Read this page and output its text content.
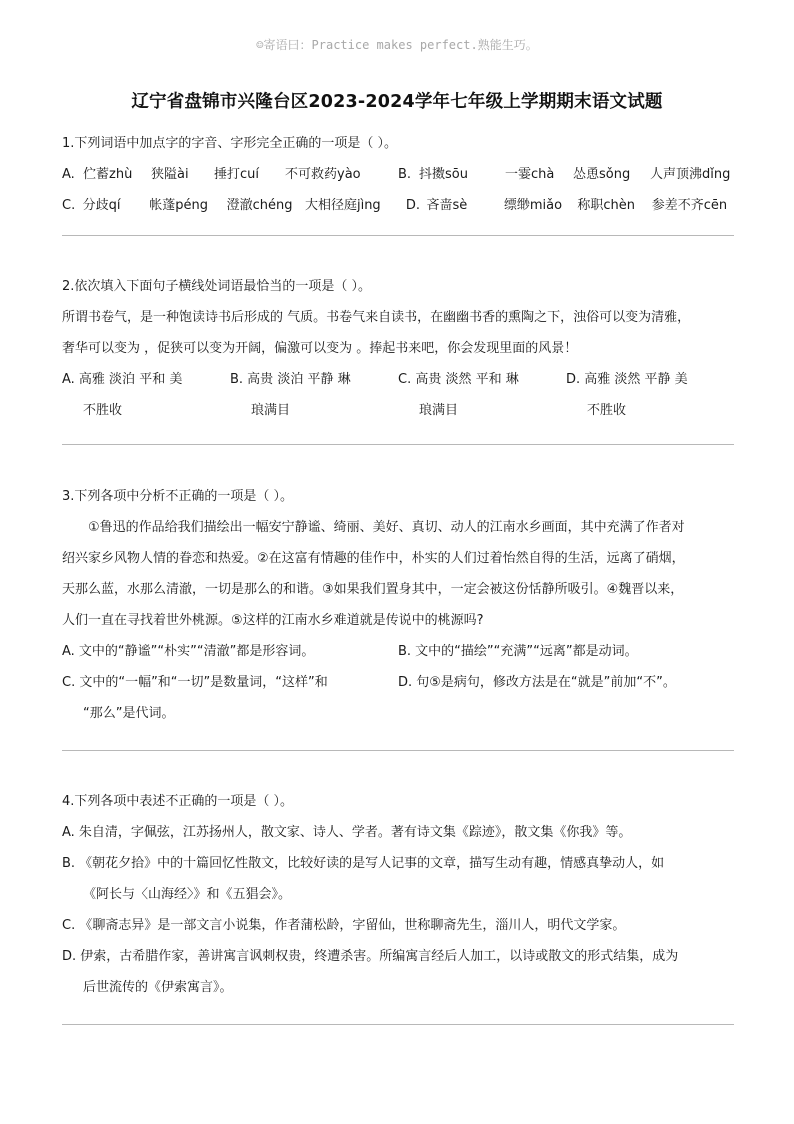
☺寄语曰：Practice makes perfect.熟能生巧。
辽宁省盘锦市兴隆台区2023-2024学年七年级上学期期末语文试题
1.下列词语中加点字的字音、字形完全正确的一项是（ ）。
A. 伫蓄zhù	狭隘ài	捶打cuí	不可救药yào	B. 抖擞sōu	一霎chà	怂恿sǒng	人声顶沸dǐng
C. 分歧qí	帐蓬péng	澄澈chéng 大相径庭jìng	D. 吝啬sè	缥缈miǎo	称职chèn	参差不齐cēn
2.依次填入下面句子横线处词语最恰当的一项是（ ）。
所谓书卷气，是一种饱读诗书后形成的 气质。书卷气来自读书，在幽幽书香的熏陶之下，浊俗可以变为清雅，
奢华可以变为 ，促狭可以变为开阔，偏激可以变为 。捧起书来吧，你会发现里面的风景！
A. 高雅 淡泊 平和 美	B. 高贵 淡泊 平静 琳	C. 高贵 淡然 平和 琳	D. 高雅 淡然 平静 美
不胜收	琅满目	琅满目	不胜收
3.下列各项中分析不正确的一项是（ ）。
①鲁迅的作品给我们描绘出一幅安宁静谧、绮丽、美好、真切、动人的江南水乡画面，其中充满了作者对
绍兴家乡风物人情的眷恋和热爱。②在这富有情趣的佳作中，朴实的人们过着怡然自得的生活，远离了硝烟，
天那么蓝，水那么清澈，一切是那么的和谐。③如果我们置身其中，一定会被这份恬静所吸引。④魏晋以来，
人们一直在寻找着世外桃源。⑤这样的江南水乡难道就是传说中的桃源吗?
A. 文中的“静谧”“朴实”“清澈”都是形容词。	B. 文中的“描绘”“充满”“远离”都是动词。
C. 文中的“一幅”和“一切”是数量词，“这样”和	D. 句⑤是病句，修改方法是在“就是”前加“不”。
“那么”是代词。
4.下列各项中表述不正确的一项是（ ）。
A. 朱自清，字佩弦，江苏扬州人，散文家、诗人、学者。著有诗文集《踪迹》，散文集《你我》等。
B. 《朝花夕拾》中的十篇回忆性散文，比较好读的是写人记事的文章，描写生动有趣，情感真挚动人，如
《阿长与〈山海经〉》和《五猖会》。
C. 《聊斋志异》是一部文言小说集，作者蒲松龄，字留仙，世称聊斋先生，淄川人，明代文学家。
D. 伊索，古希腊作家，善讲寓言讽刺权贵，终遭杀害。所编寓言经后人加工，以诗或散文的形式结集，成为
后世流传的《伊索寓言》。
